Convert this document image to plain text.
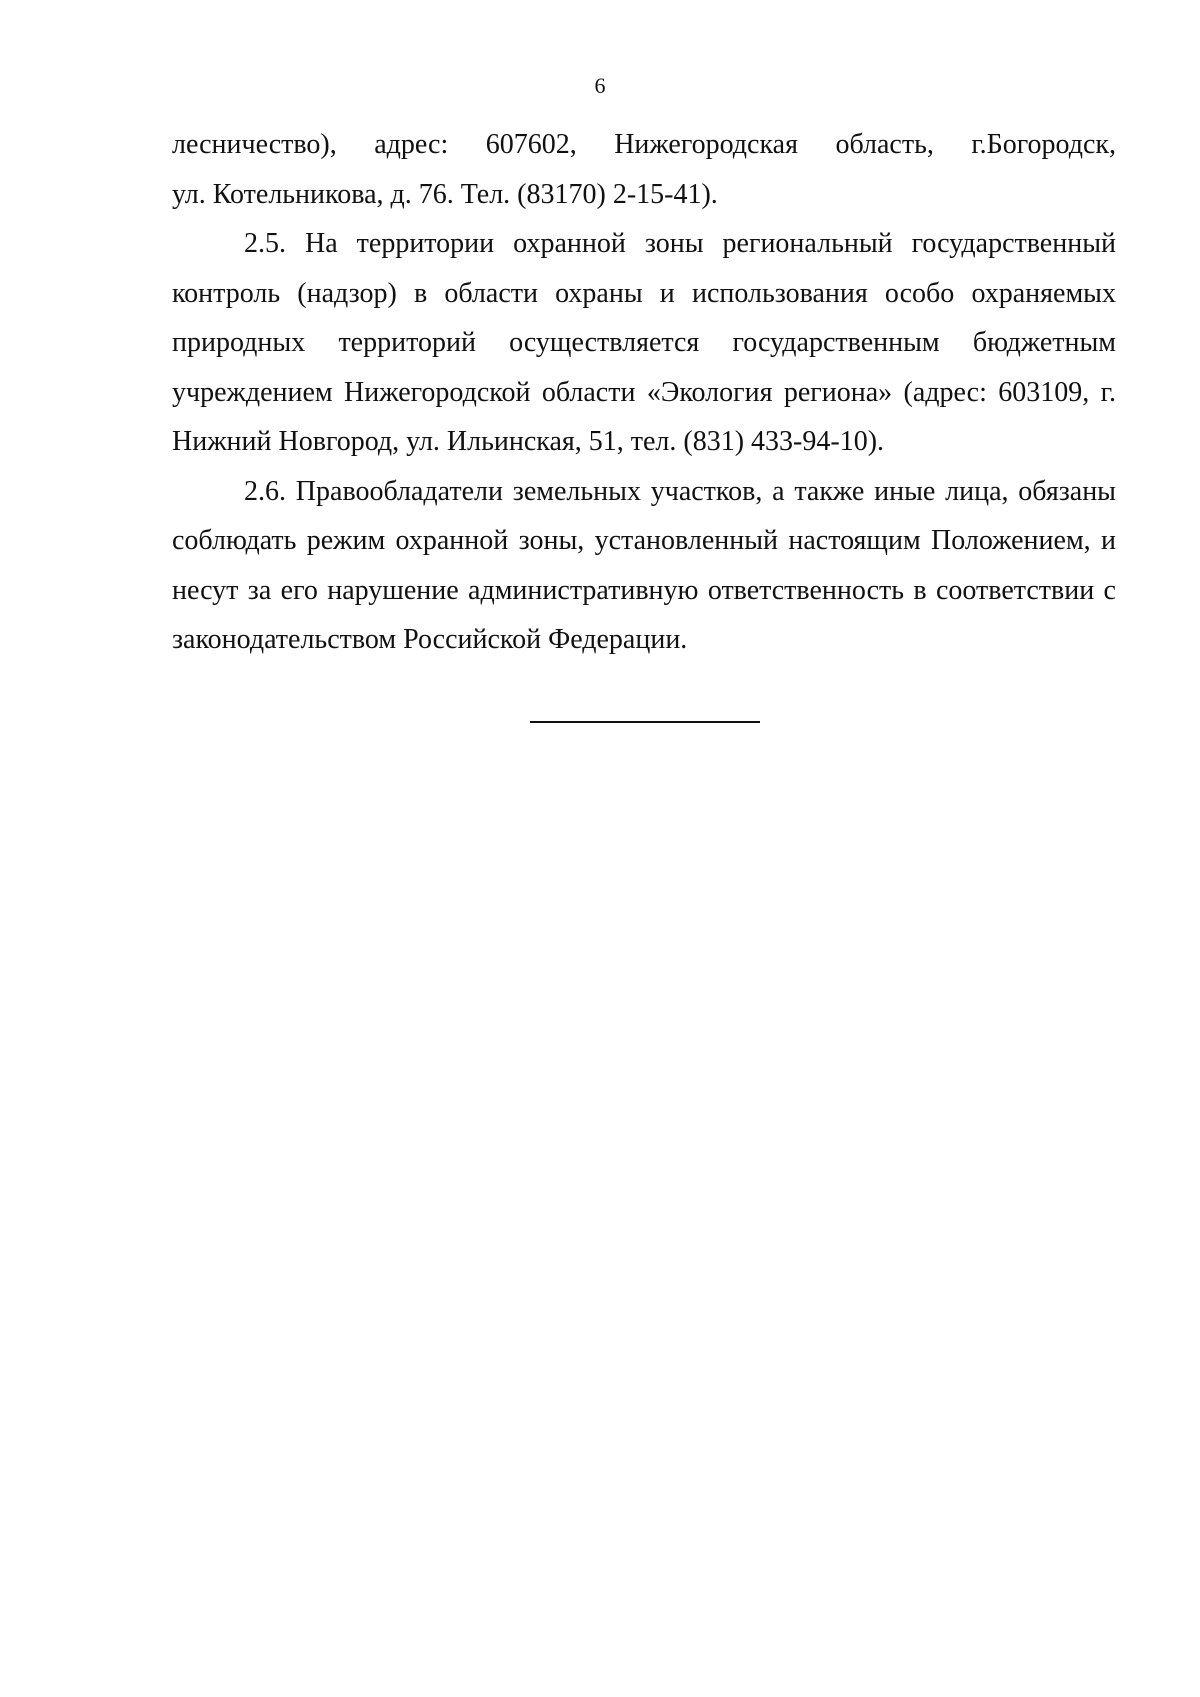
6

лесничество), адрес: 607602, Нижегородская область, г.Богородск,

ул. Котельникова, д. 76. Тел. (83170) 2-15-41).

2.5. На территории охранной зоны региональный государственный контроль (надзор) в области охраны и использования особо охраняемых природных территорий осуществляется государственным бюджетным учреждением Нижегородской области «Экология региона» (адрес: 603109, г. Нижний Новгород, ул. Ильинская, 51, тел. (831) 433-94-10).

2.6. Правообладатели земельных участков, а также иные лица, обязаны соблюдать режим охранной зоны, установленный настоящим Положением, и несут за его нарушение административную ответственность в соответствии с законодательством Российской Федерации.
